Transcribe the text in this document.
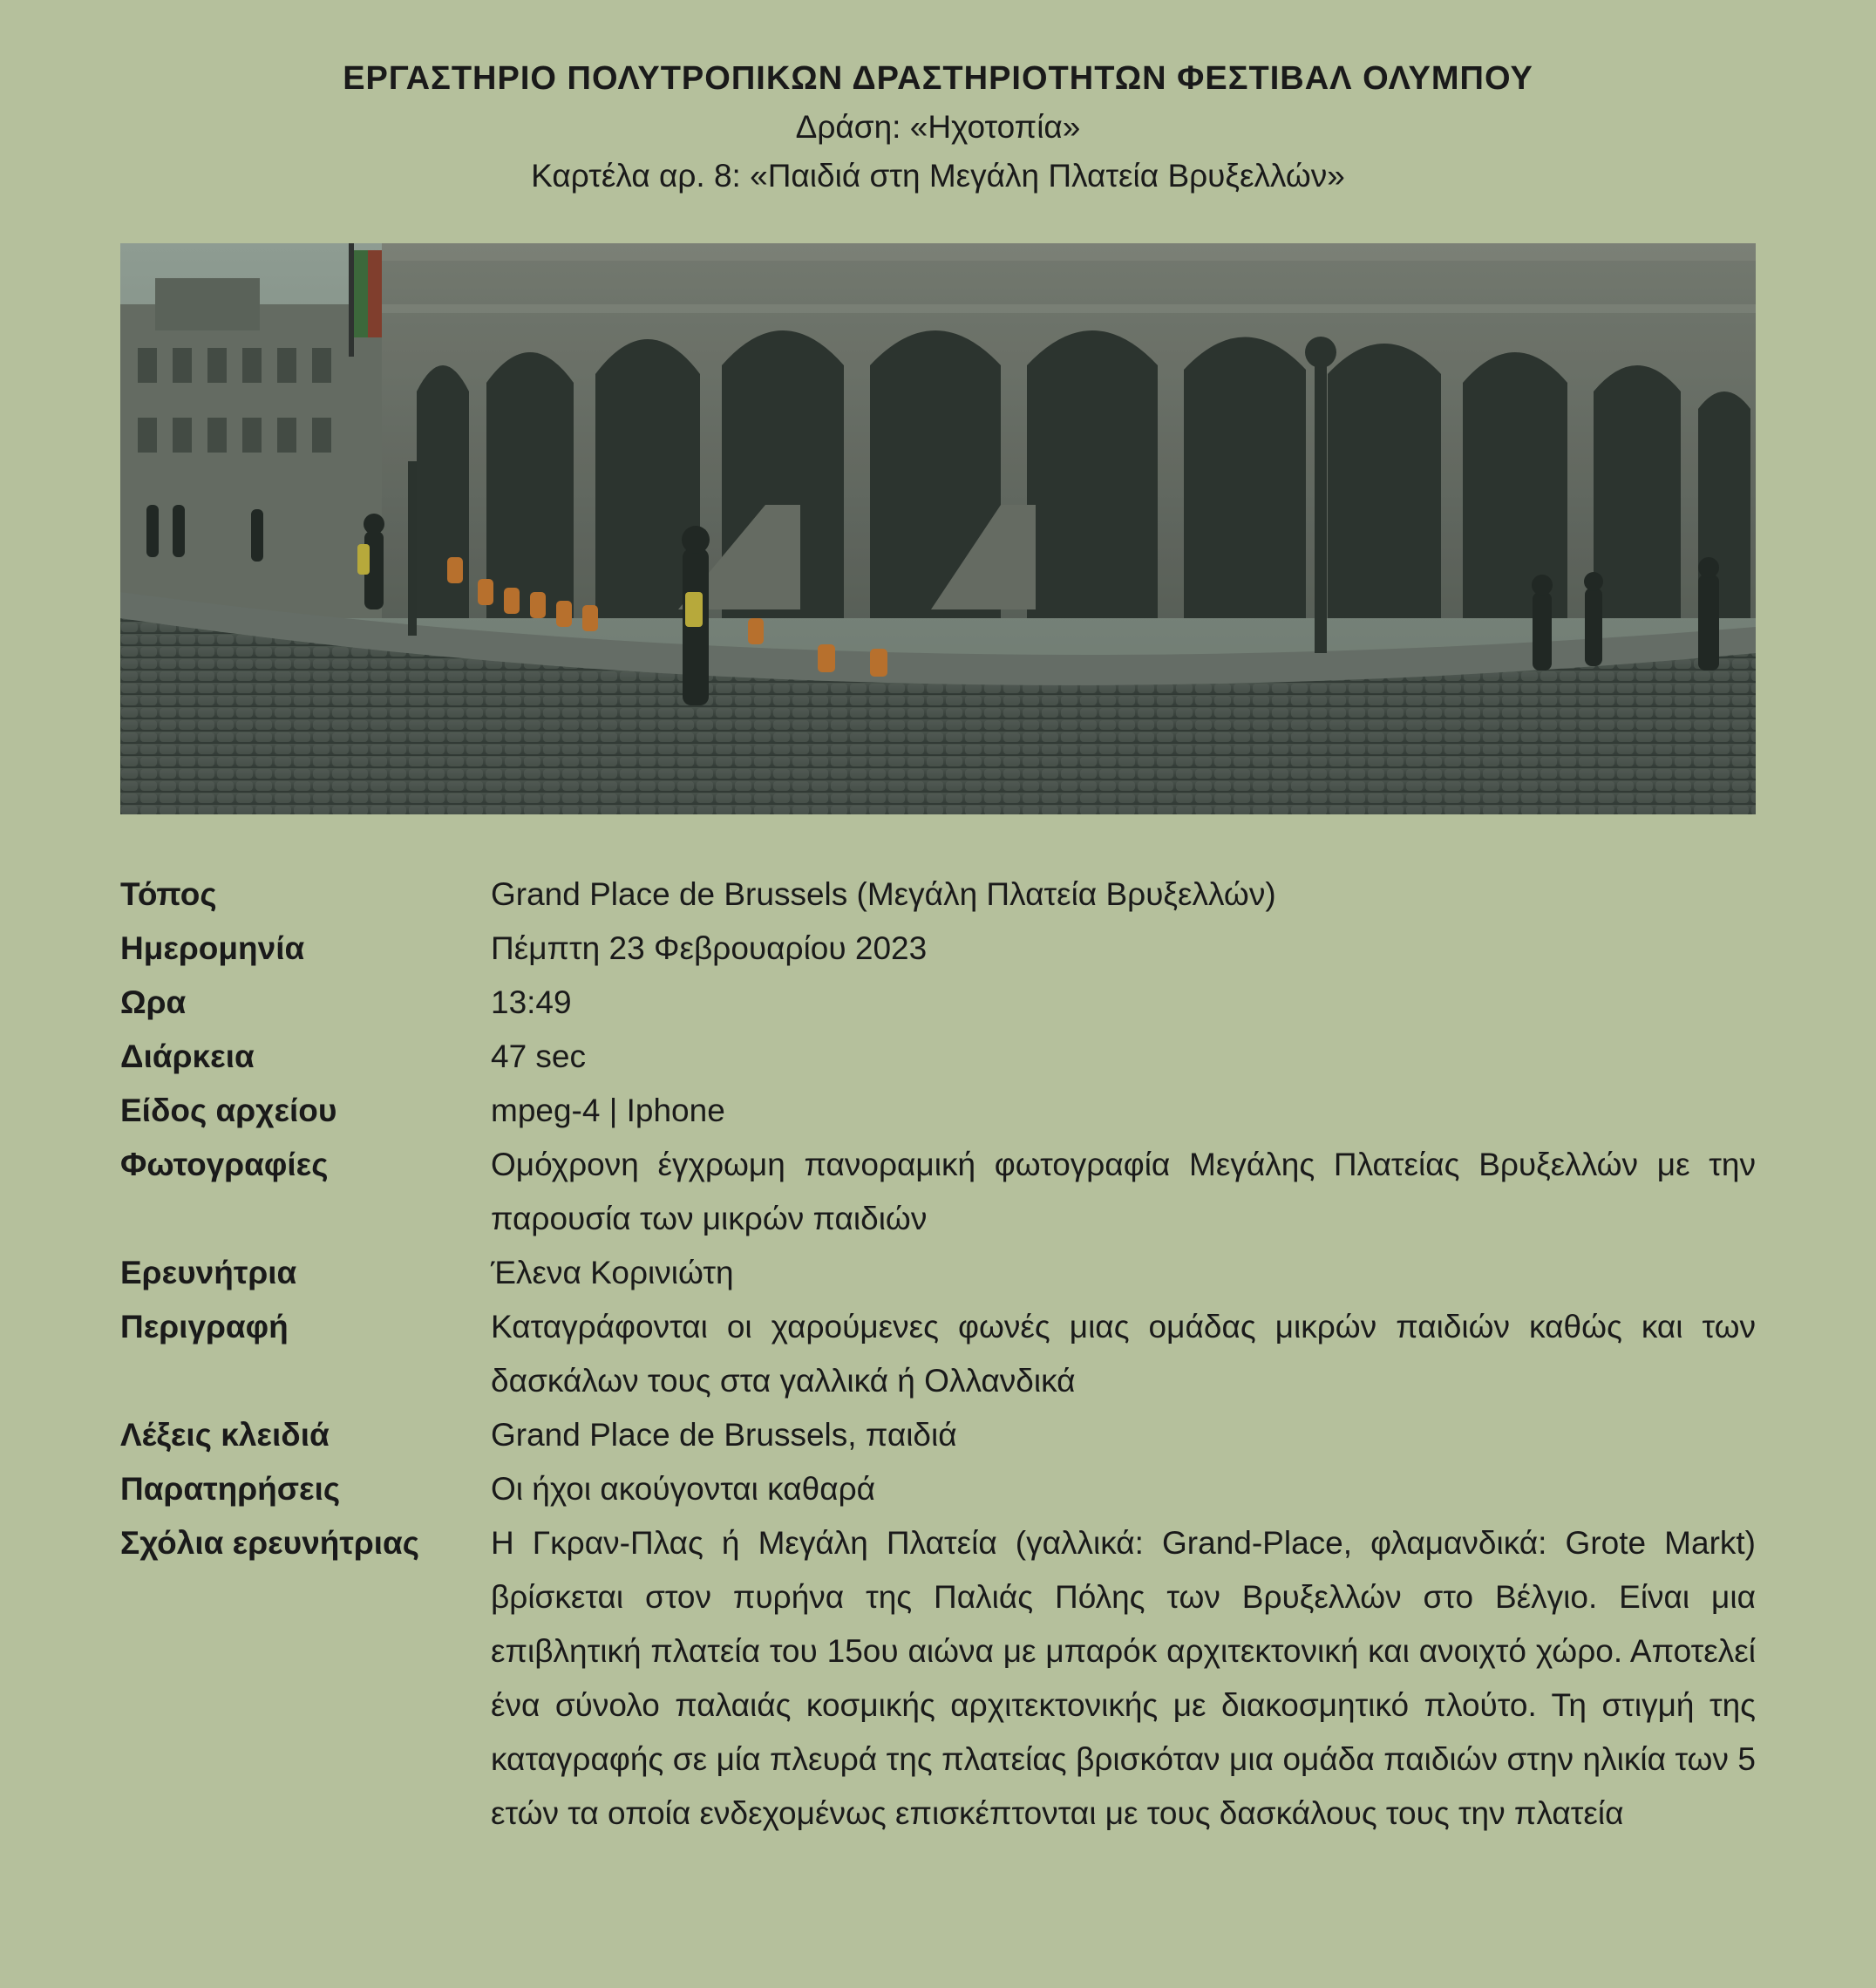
ΕΡΓΑΣΤΗΡΙΟ ΠΟΛΥΤΡΟΠΙΚΩΝ ΔΡΑΣΤΗΡΙΟΤΗΤΩΝ ΦΕΣΤΙΒΑΛ ΟΛΥΜΠΟΥ
Δράση: «Ηχοτοπία»
Καρτέλα αρ. 8: «Παιδιά στη Μεγάλη Πλατεία Βρυξελλών»
Τόπος	Grand Place de Brussels (Μεγάλη Πλατεία Βρυξελλών)
Ημερομηνία	Πέμπτη 23 Φεβρουαρίου 2023
Ωρα	13:49
Διάρκεια	47 sec
Είδος αρχείου	mpeg-4 | Iphone
Φωτογραφίες	Ομόχρονη έγχρωμη πανοραμική φωτογραφία Μεγάλης Πλατείας Βρυξελλών με την παρουσία των μικρών παιδιών
Ερευνήτρια	Έλενα Κορινιώτη
Περιγραφή	Καταγράφονται οι χαρούμενες φωνές μιας ομάδας μικρών παιδιών καθώς και των δασκάλων τους στα γαλλικά ή Ολλανδικά
Λέξεις κλειδιά	Grand Place de Brussels, παιδιά
Παρατηρήσεις	Οι ήχοι ακούγονται καθαρά
Σχόλια ερευνήτριας	Η Γκραν-Πλας ή Μεγάλη Πλατεία (γαλλικά: Grand-Place, φλαμανδικά: Grote Markt) βρίσκεται στον πυρήνα της Παλιάς Πόλης των Βρυξελλών στο Βέλγιο. Είναι μια επιβλητική πλατεία του 15ου αιώνα με μπαρόκ αρχιτεκτονική και ανοιχτό χώρο. Αποτελεί ένα σύνολο παλαιάς κοσμικής αρχιτεκτονικής με διακοσμητικό πλούτο. Τη στιγμή της καταγραφής σε μία πλευρά της πλατείας βρισκόταν μια ομάδα παιδιών στην ηλικία των 5 ετών τα οποία ενδεχομένως επισκέπτονται με τους δασκάλους τους την πλατεία
